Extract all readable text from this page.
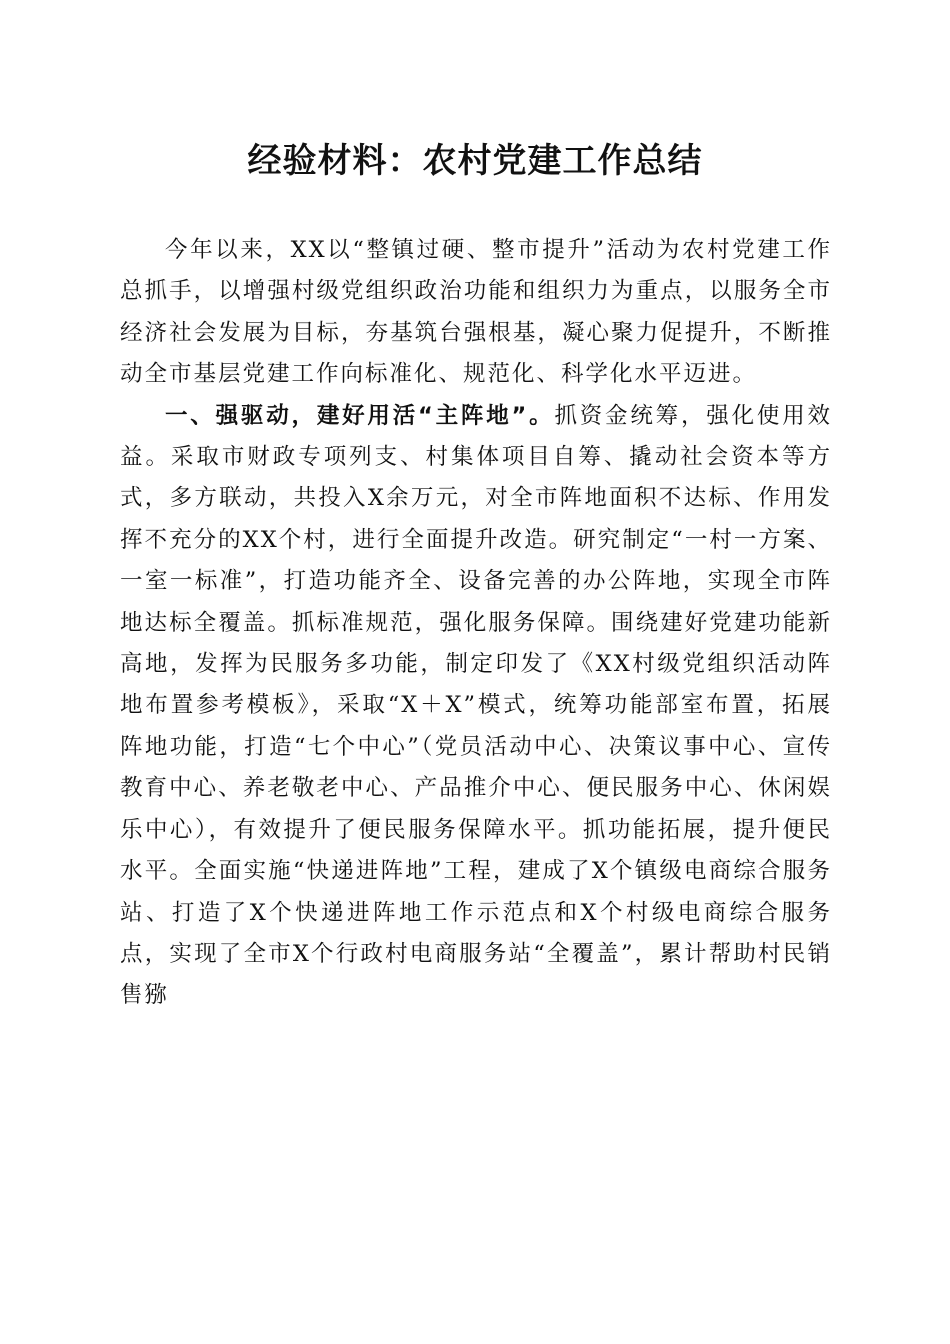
经验材料：农村党建工作总结

今年以来，XX以“整镇过硬、整市提升”活动为农村党建工作总抓手，以增强村级党组织政治功能和组织力为重点，以服务全市经济社会发展为目标，夯基筑台强根基，凝心聚力促提升，不断推动全市基层党建工作向标准化、规范化、科学化水平迈进。

一、强驱动，建好用活“主阵地”。抓资金统筹，强化使用效益。采取市财政专项列支、村集体项目自筹、撬动社会资本等方式，多方联动，共投入X余万元，对全市阵地面积不达标、作用发挥不充分的XX个村，进行全面提升改造。研究制定“一村一方案、一室一标准”，打造功能齐全、设备完善的办公阵地，实现全市阵地达标全覆盖。抓标准规范，强化服务保障。围绕建好党建功能新高地，发挥为民服务多功能，制定印发了《XX村级党组织活动阵地布置参考模板》，采取“X＋X”模式，统筹功能部室布置，拓展阵地功能，打造“七个中心”（党员活动中心、决策议事中心、宣传教育中心、养老敬老中心、产品推介中心、便民服务中心、休闲娱乐中心），有效提升了便民服务保障水平。抓功能拓展，提升便民水平。全面实施“快递进阵地”工程，建成了X个镇级电商综合服务站、打造了X个快递进阵地工作示范点和X个村级电商综合服务点，实现了全市X个行政村电商服务站“全覆盖”，累计帮助村民销售猕
